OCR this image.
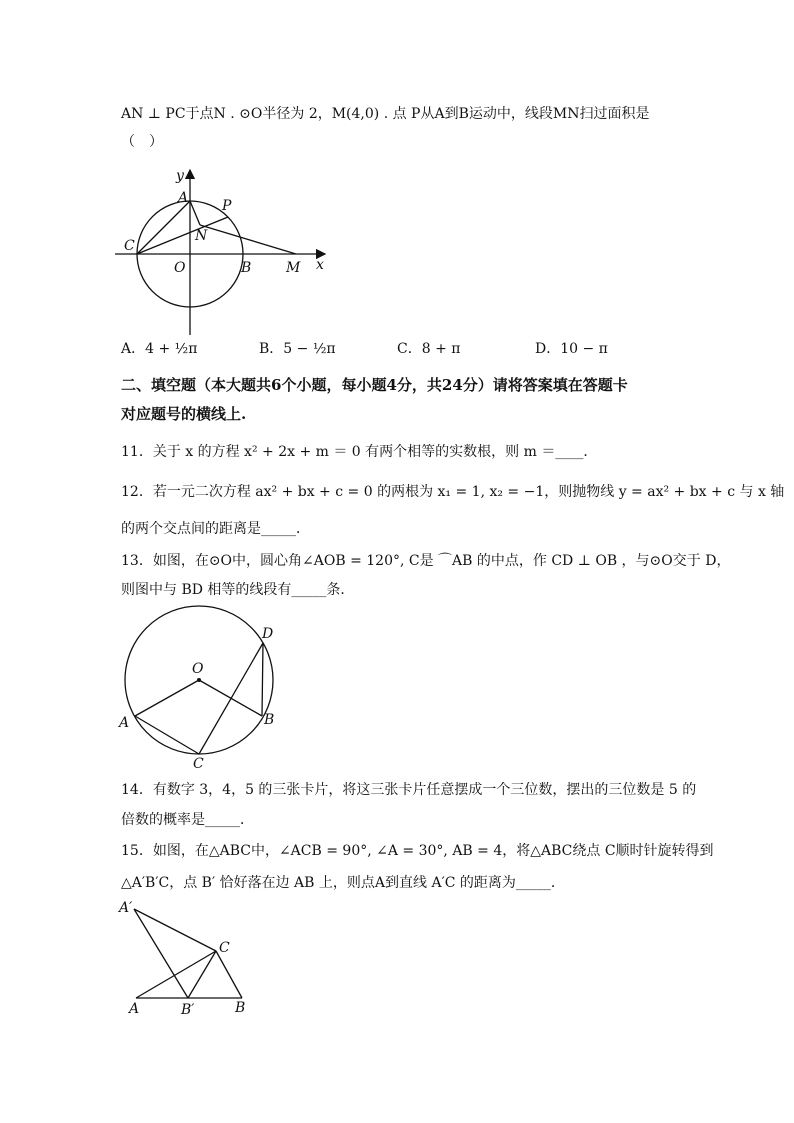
AN ⊥ PC于点N . ⊙O半径为 2，M(4,0) . 点 P从A到B运动中，线段MN扫过面积是
（　）
y
x
A P
N
C
O	B M
A．4 + ½π	B．5 − ½π	C．8 + π	D．10 − π
二、填空题（本大题共6个小题，每小题4分，共24分）请将答案填在答题卡
对应题号的横线上.
11．关于 x 的方程 x² + 2x + m ＝ 0 有两个相等的实数根，则 m ＝____．
12．若一元二次方程 ax² + bx + c = 0 的两根为 x₁ = 1, x₂ = −1，则抛物线 y = ax² + bx + c 与 x 轴
的两个交点间的距离是_____．
13．如图，在⊙O中，圆心角∠AOB = 120°, C是 ⌒AB 的中点，作 CD ⊥ OB ，与⊙O交于 D，
则图中与 BD 相等的线段有_____条．
O
D
A	B
C
14．有数字 3，4，5 的三张卡片，将这三张卡片任意摆成一个三位数，摆出的三位数是 5 的
倍数的概率是_____．
15．如图，在△ABC中，∠ACB = 90°, ∠A = 30°, AB = 4，将△ABC绕点 C顺时针旋转得到
△A′B′C，点 B′ 恰好落在边 AB 上，则点A到直线 A′C 的距离为_____．
A′
C
A	B′	B
